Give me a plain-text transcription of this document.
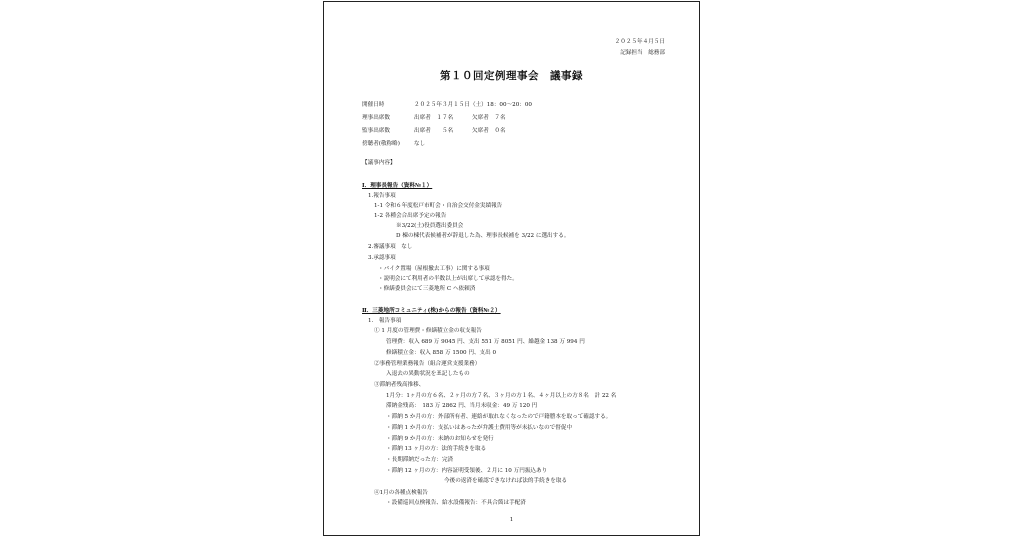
２０２５年４月５日
記録担当　総務部
第１０回定例理事会　議事録
開催日時	２０２５年３月１５日（土）18：00～20：00
理事出席数	出席者　１７名	欠席者　７名
監事出席数	出席者　　５名	欠席者　０名
傍聴者(敬称略)	なし
【議事内容】
Ⅰ．理事長報告（資料№１）
1.報告事項
1-1 令和６年度松戸市町会・自治会交付金実績報告
1-2 各種会合出席予定の報告
※3/22(土)役員選出委員会
D 棟の棟代表候補者が辞退した為、理事長候補を 3/22 に選出する。
2.審議事項　なし
3.承認事項
・バイク置場（屋根撤去工事）に関する事項
・説明会にて利用者の半数以上が出席して承認を得た。
・修繕委員会にて三菱地所 C へ依頼済
Ⅱ．三菱地所コミュニティ(株)からの報告（資料№２）
1.　報告事項
① 1 月度の管理費・修繕積立金の収支報告
管理費：収入 689 万 9045 円、支出 551 万 8051 円、繰越金 138 万 994 円
修繕積立金：収入 858 万 1500 円、支出 0
②事務管理業務報告（組合運営支援業務）
入退去の異動状況を표記したもの
③滞納者残高推移、
1月分：1ヶ月の方６名、２ヶ月の方７名、３ヶ月の方１名、４ヶ月以上の方８名　計 22 名
滞納金残高：　183 万 2862 円、当月未収金：49 万 120 円
・滞納 5 か月の方：外部所有者、連絡が取れなくなったので戸籍謄本を取って確認する。
・滞納 1 か月の方：支払いはあったが弁護士費用等が未払いなので督促中
・滞納 9 か月の方：未納のお知らせを発行
・滞納 13 ヶ月の方：法的手続きを取る
・長期滞納だった方：完済
・滞納 12 ヶ月の方：内容証明受領後、２月に 10 万円振込あり
今後の返済を確認できなければ法的手続きを取る
④1月の各種点検報告
・設備巡回点検報告、給水設備報告：不具合箇は手配済
1
